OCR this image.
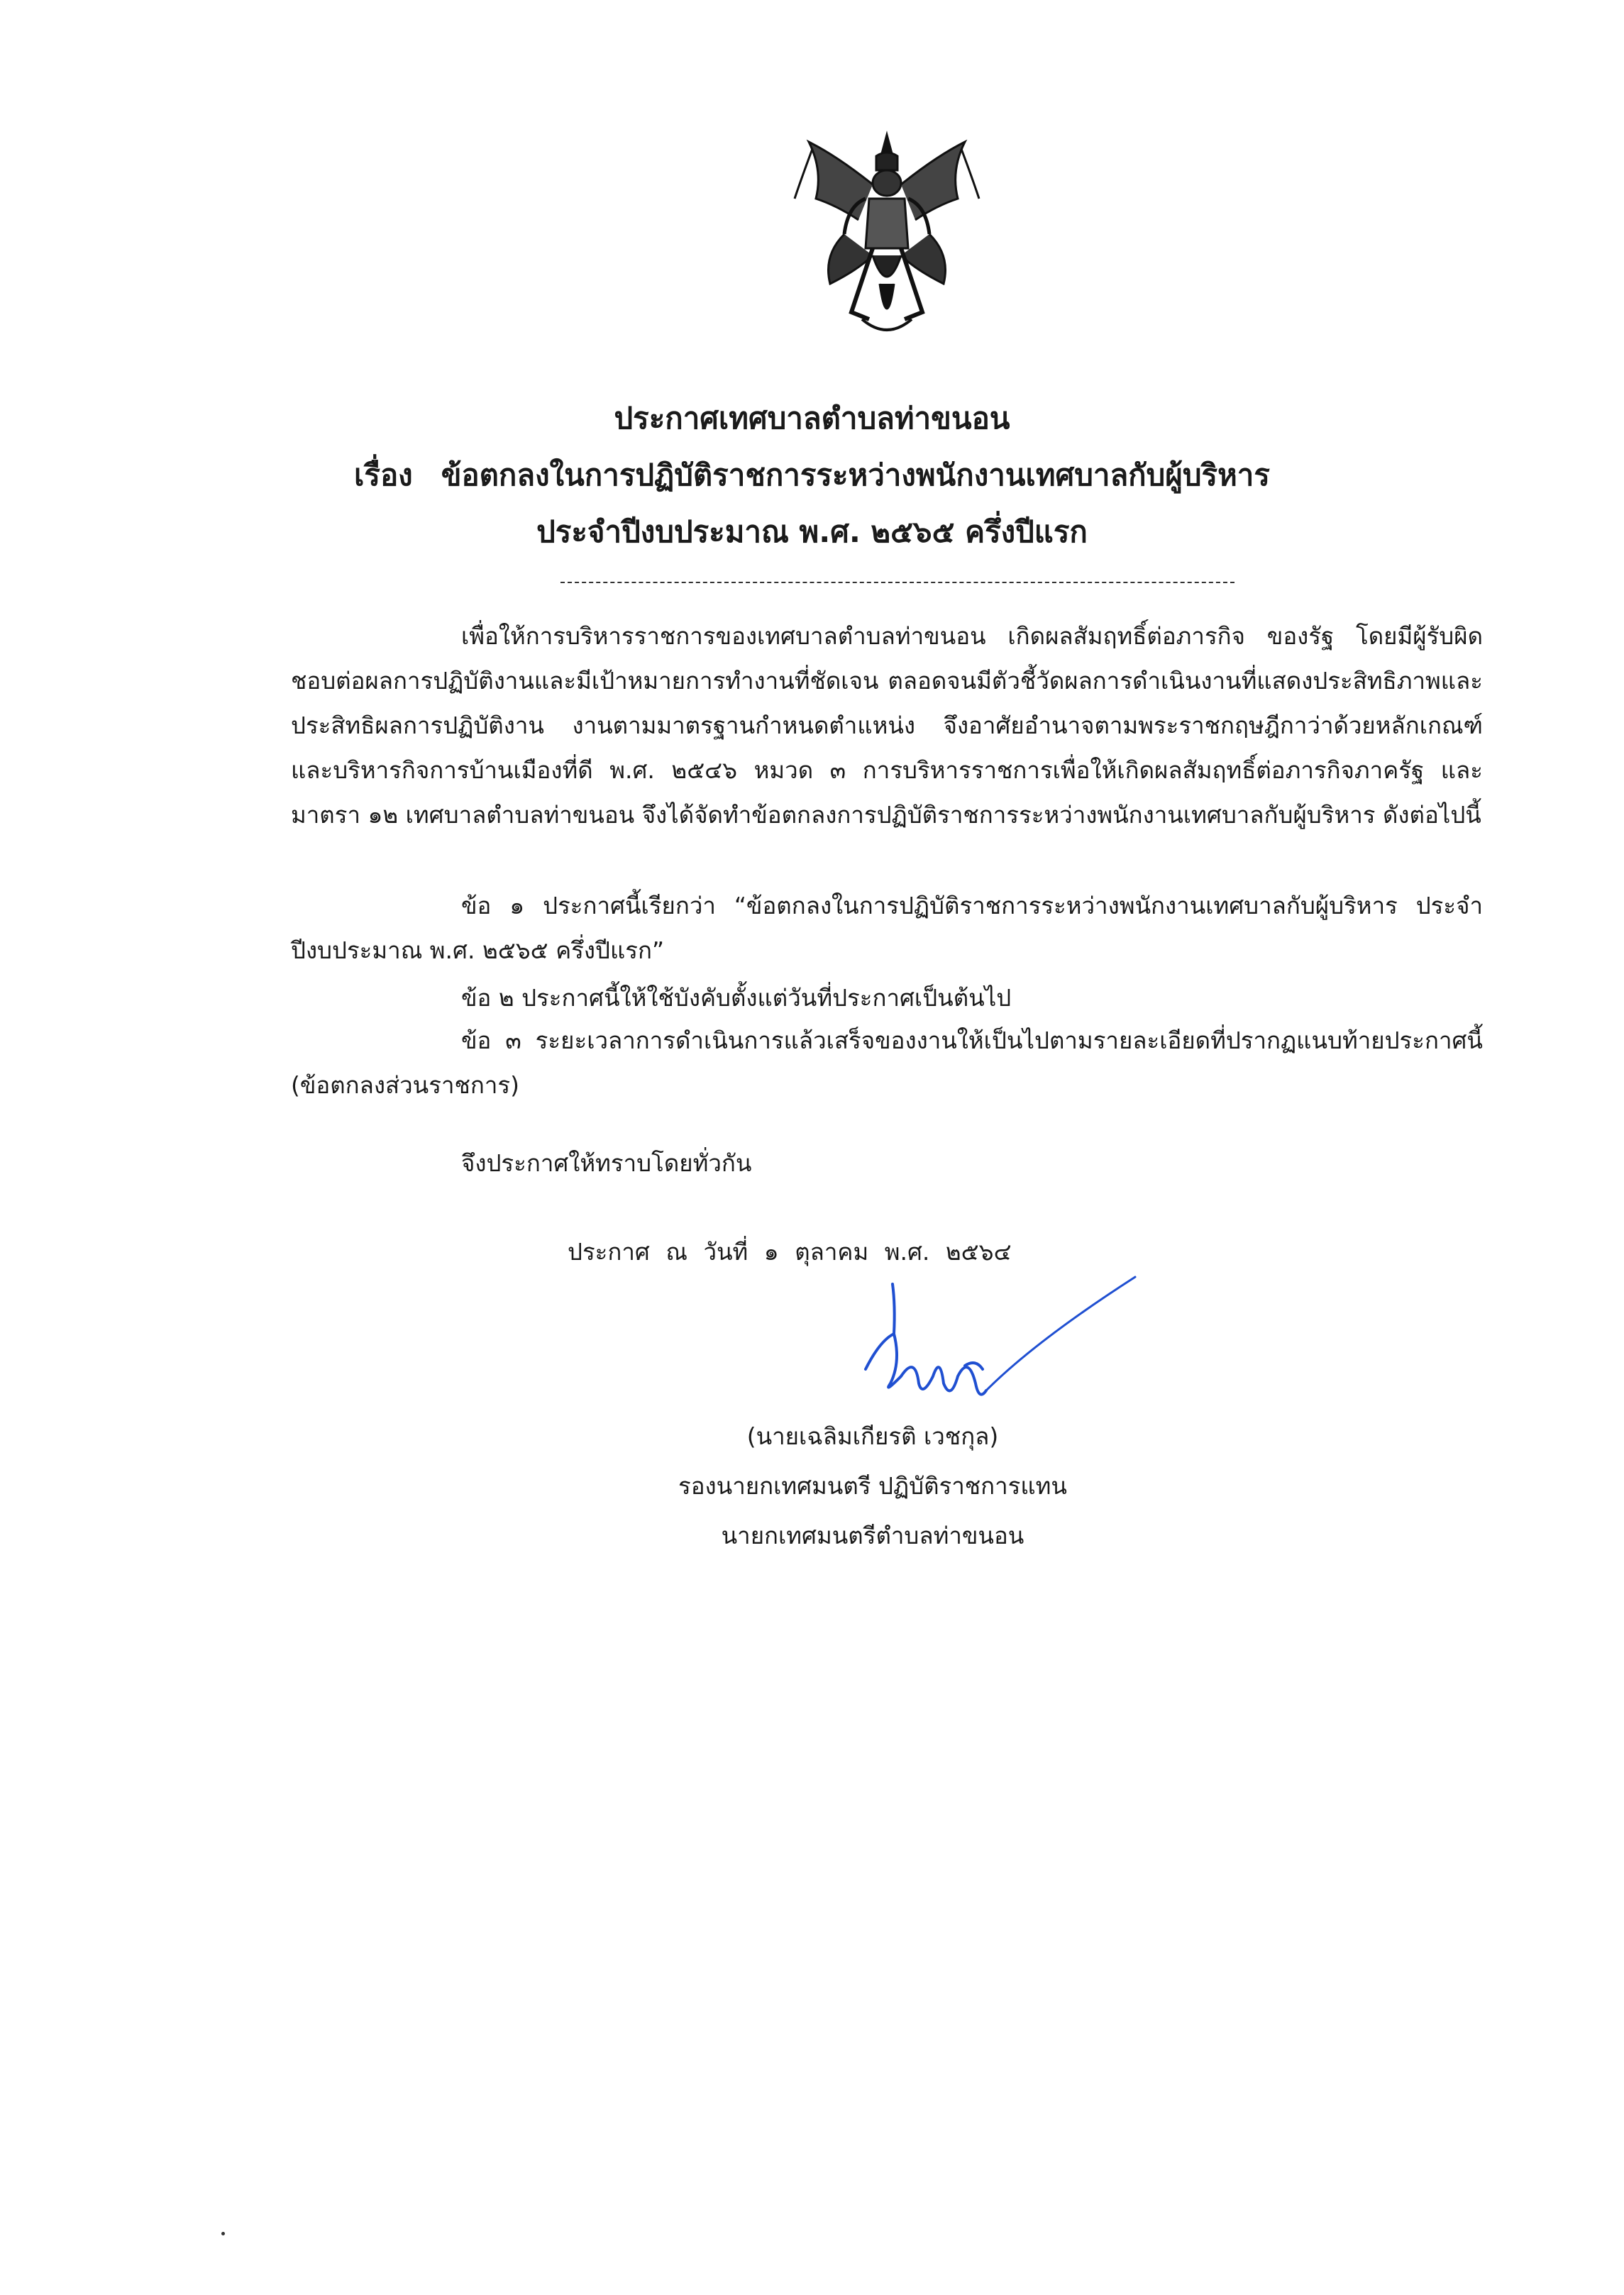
ประกาศเทศบาลตำบลท่าขนอน
เรื่อง ข้อตกลงในการปฏิบัติราชการระหว่างพนักงานเทศบาลกับผู้บริหาร
ประจำปีงบประมาณ พ.ศ. ๒๕๖๕ ครึ่งปีแรก
เพื่อให้การบริหารราชการของเทศบาลตำบลท่าขนอน เกิดผลสัมฤทธิ์ต่อภารกิจ ของรัฐ โดยมีผู้รับผิดชอบต่อผลการปฏิบัติงานและมีเป้าหมายการทำงานที่ชัดเจน ตลอดจนมีตัวชี้วัดผลการดำเนินงานที่แสดงประสิทธิภาพและประสิทธิผลการปฏิบัติงาน งานตามมาตรฐานกำหนดตำแหน่ง จึงอาศัยอำนาจตามพระราชกฤษฎีกาว่าด้วยหลักเกณฑ์และบริหารกิจการบ้านเมืองที่ดี พ.ศ. ๒๕๔๖ หมวด ๓ การบริหารราชการเพื่อให้เกิดผลสัมฤทธิ์ต่อภารกิจภาครัฐ และมาตรา ๑๒ เทศบาลตำบลท่าขนอน จึงได้จัดทำข้อตกลงการปฏิบัติราชการระหว่างพนักงานเทศบาลกับผู้บริหาร ดังต่อไปนี้
ข้อ ๑ ประกาศนี้เรียกว่า “ข้อตกลงในการปฏิบัติราชการระหว่างพนักงานเทศบาลกับผู้บริหาร ประจำปีงบประมาณ พ.ศ. ๒๕๖๕ ครึ่งปีแรก”
ข้อ ๒ ประกาศนี้ให้ใช้บังคับตั้งแต่วันที่ประกาศเป็นต้นไป
ข้อ ๓ ระยะเวลาการดำเนินการแล้วเสร็จของงานให้เป็นไปตามรายละเอียดที่ปรากฏแนบท้ายประกาศนี้ (ข้อตกลงส่วนราชการ)
จึงประกาศให้ทราบโดยทั่วกัน
ประกาศ ณ วันที่ ๑ ตุลาคม พ.ศ. ๒๕๖๔
(นายเฉลิมเกียรติ เวชกุล)
รองนายกเทศมนตรี ปฏิบัติราชการแทน
นายกเทศมนตรีตำบลท่าขนอน
